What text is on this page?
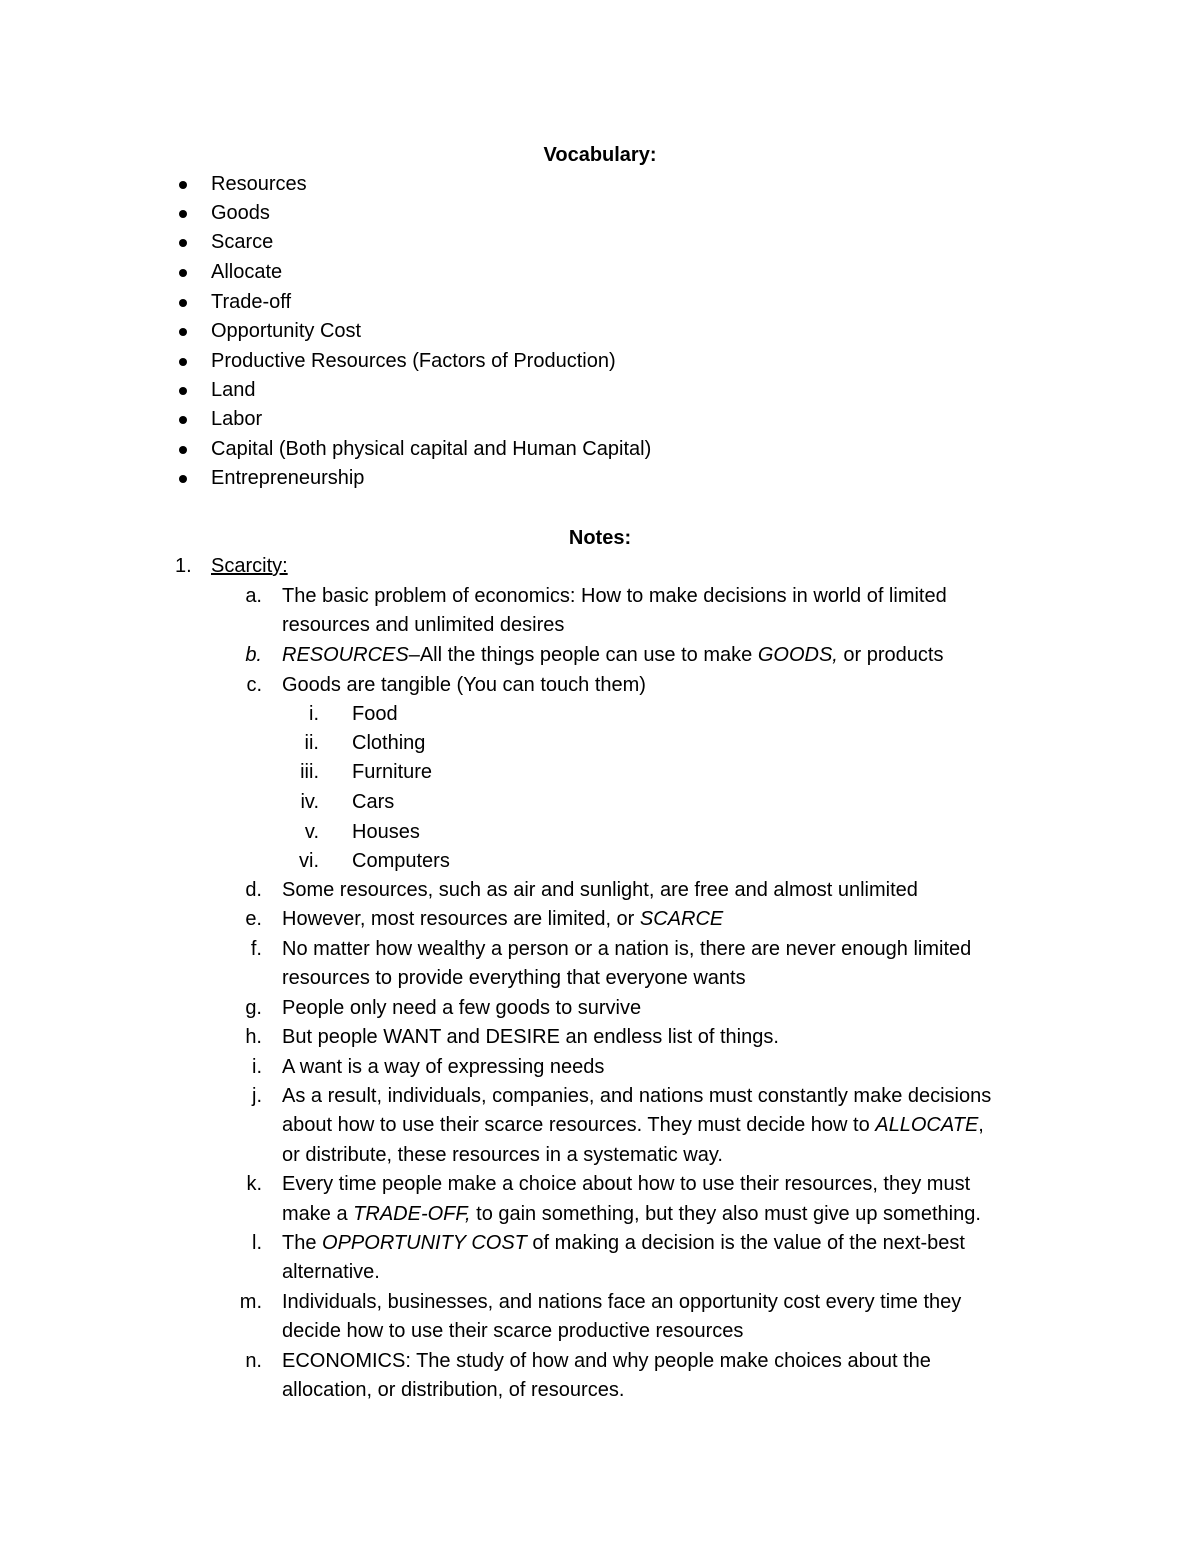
Vocabulary:
Resources
Goods
Scarce
Allocate
Trade-off
Opportunity Cost
Productive Resources (Factors of Production)
Land
Labor
Capital (Both physical capital and Human Capital)
Entrepreneurship
Notes:
1. Scarcity:
a. The basic problem of economics: How to make decisions in world of limited
resources and unlimited desires
b. RESOURCES–All the things people can use to make GOODS, or products
c. Goods are tangible (You can touch them)
i. Food
ii. Clothing
iii. Furniture
iv. Cars
v. Houses
vi. Computers
d. Some resources, such as air and sunlight, are free and almost unlimited
e. However, most resources are limited, or SCARCE
f. No matter how wealthy a person or a nation is, there are never enough limited
resources to provide everything that everyone wants
g. People only need a few goods to survive
h. But people WANT and DESIRE an endless list of things.
i. A want is a way of expressing needs
j. As a result, individuals, companies, and nations must constantly make decisions
about how to use their scarce resources. They must decide how to ALLOCATE,
or distribute, these resources in a systematic way.
k. Every time people make a choice about how to use their resources, they must
make a TRADE-OFF, to gain something, but they also must give up something.
l. The OPPORTUNITY COST of making a decision is the value of the next-best
alternative.
m. Individuals, businesses, and nations face an opportunity cost every time they
decide how to use their scarce productive resources
n. ECONOMICS: The study of how and why people make choices about the
allocation, or distribution, of resources.
